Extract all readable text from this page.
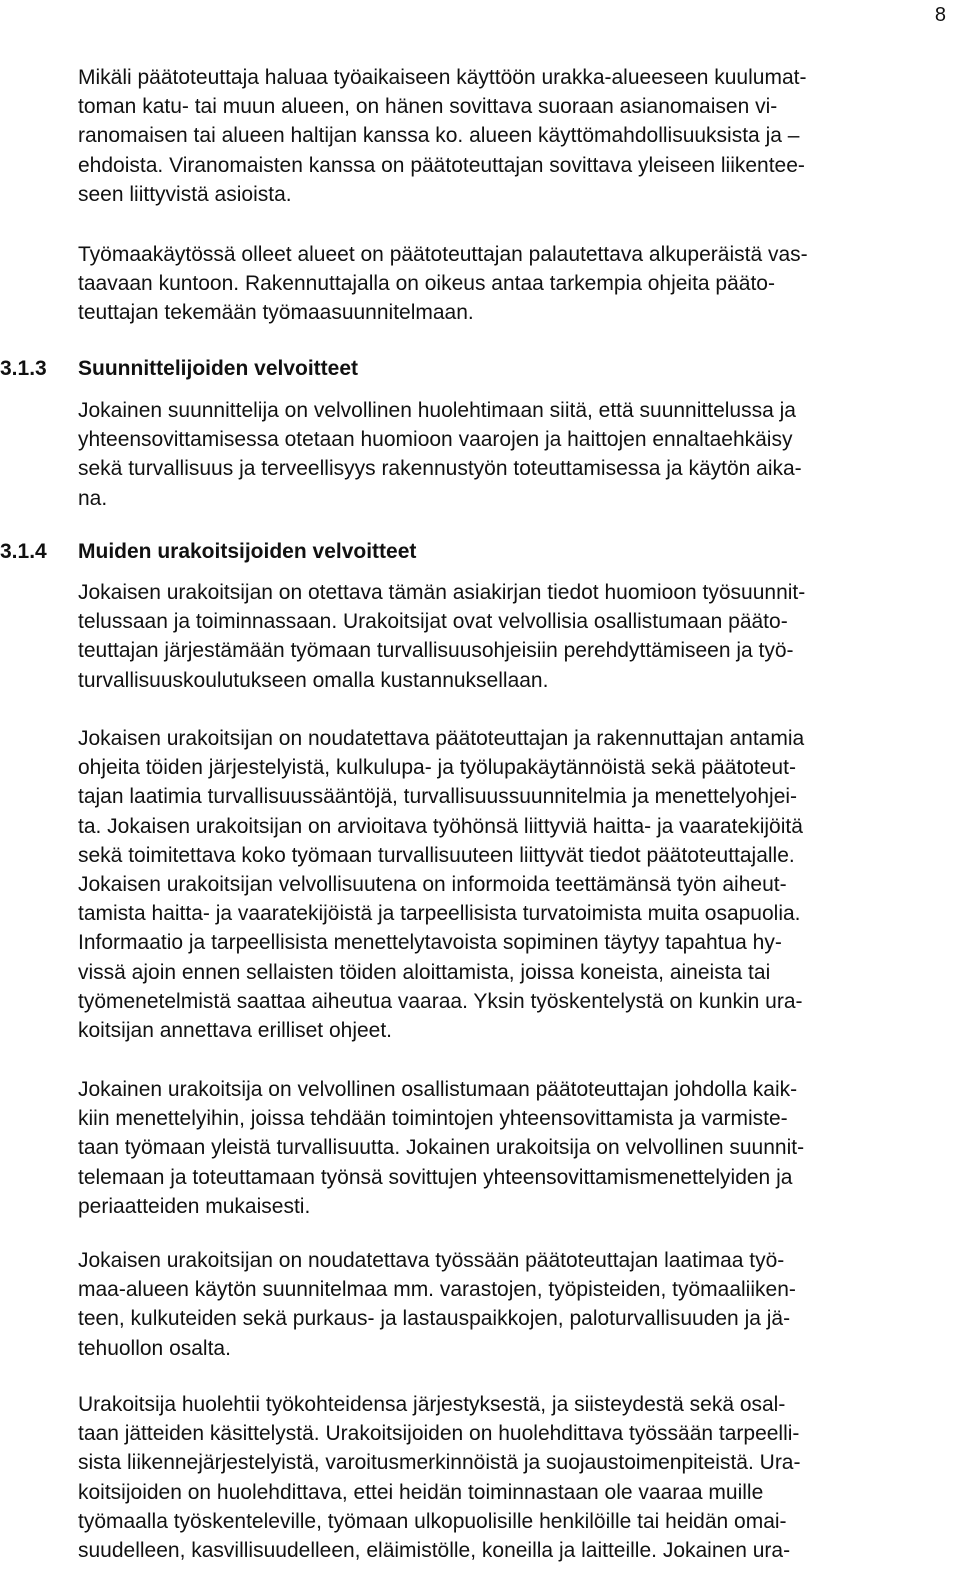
8
Mikäli päätoteuttaja haluaa työaikaiseen käyttöön urakka-alueeseen kuulumat-
toman katu- tai muun alueen, on hänen sovittava suoraan asianomaisen vi-
ranomaisen tai alueen haltijan kanssa ko. alueen käyttömahdollisuuksista ja –
ehdoista. Viranomaisten kanssa on päätoteuttajan sovittava yleiseen liikentee-
seen liittyvistä asioista.
Työmaakäytössä olleet alueet on päätoteuttajan palautettava alkuperäistä vas-
taavaan kuntoon. Rakennuttajalla on oikeus antaa tarkempia ohjeita pääto-
teuttajan tekemään työmaasuunnitelmaan.
3.1.3 Suunnittelijoiden velvoitteet
Jokainen suunnittelija on velvollinen huolehtimaan siitä, että suunnittelussa ja
yhteensovittamisessa otetaan huomioon vaarojen ja haittojen ennaltaehkäisy
sekä turvallisuus ja terveellisyys rakennustyön toteuttamisessa ja käytön aika-
na.
3.1.4 Muiden urakoitsijoiden velvoitteet
Jokaisen urakoitsijan on otettava tämän asiakirjan tiedot huomioon työsuunnit-
telussaan ja toiminnassaan. Urakoitsijat ovat velvollisia osallistumaan pääto-
teuttajan järjestämään työmaan turvallisuusohjeisiin perehdyttämiseen ja työ-
turvallisuuskoulutukseen omalla kustannuksellaan.
Jokaisen urakoitsijan on noudatettava päätoteuttajan ja rakennuttajan antamia
ohjeita töiden järjestelyistä, kulkulupa- ja työlupakäytännöistä sekä päätoteut-
tajan laatimia turvallisuussääntöjä, turvallisuussuunnitelmia ja menettelyohjei-
ta. Jokaisen urakoitsijan on arvioitava työhönsä liittyviä haitta- ja vaaratekijöitä
sekä toimitettava koko työmaan turvallisuuteen liittyvät tiedot päätoteuttajalle.
Jokaisen urakoitsijan velvollisuutena on informoida teettämänsä työn aiheut-
tamista haitta- ja vaaratekijöistä ja tarpeellisista turvatoimista muita osapuolia.
Informaatio ja tarpeellisista menettelytavoista sopiminen täytyy tapahtua hy-
vissä ajoin ennen sellaisten töiden aloittamista, joissa koneista, aineista tai
työmenetelmistä saattaa aiheutua vaaraa. Yksin työskentelystä on kunkin ura-
koitsijan annettava erilliset ohjeet.
Jokainen urakoitsija on velvollinen osallistumaan päätoteuttajan johdolla kaik-
kiin menettelyihin, joissa tehdään toimintojen yhteensovittamista ja varmiste-
taan työmaan yleistä turvallisuutta. Jokainen urakoitsija on velvollinen suunnit-
telemaan ja toteuttamaan työnsä sovittujen yhteensovittamismenettelyiden ja
periaatteiden mukaisesti.
Jokaisen urakoitsijan on noudatettava työssään päätoteuttajan laatimaa työ-
maa-alueen käytön suunnitelmaa mm. varastojen, työpisteiden, työmaaliiken-
teen, kulkuteiden sekä purkaus- ja lastauspaikkojen, paloturvallisuuden ja jä-
tehuollon osalta.
Urakoitsija huolehtii työkohteidensa järjestyksestä, ja siisteydestä sekä osal-
taan jätteiden käsittelystä. Urakoitsijoiden on huolehdittava työssään tarpeelli-
sista liikennejärjestelyistä, varoitusmerkinnöistä ja suojaustoimenpiteistä. Ura-
koitsijoiden on huolehdittava, ettei heidän toiminnastaan ole vaaraa muille
työmaalla työskenteleville, työmaan ulkopuolisille henkilöille tai heidän omai-
suudelleen, kasvillisuudelleen, eläimistölle, koneilla ja laitteille. Jokainen ura-
